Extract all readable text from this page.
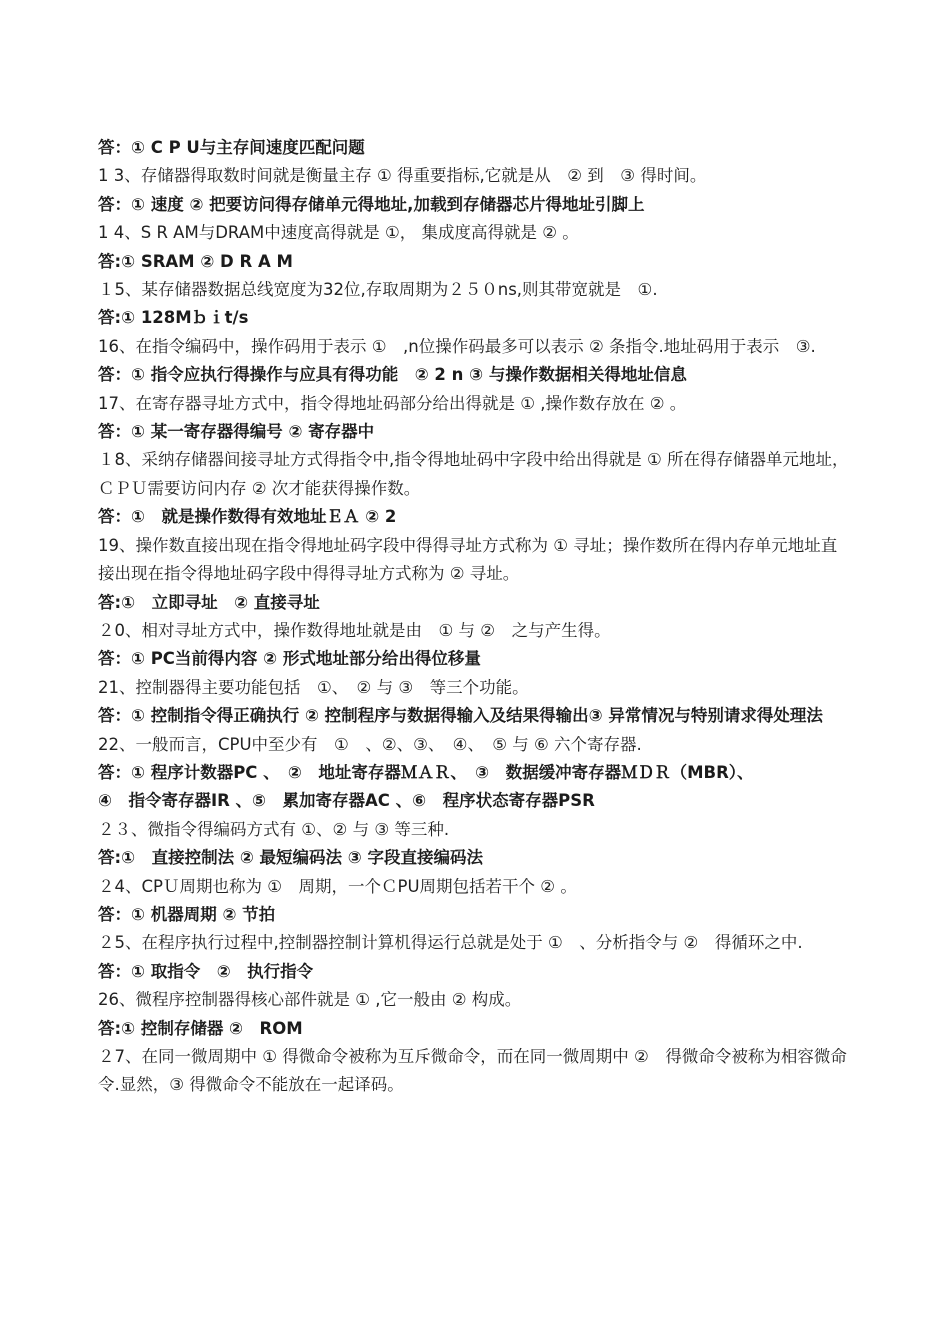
答：① C P U与主存间速度匹配问题
1 3、存储器得取数时间就是衡量主存 ① 得重要指标,它就是从　② 到　③ 得时间。
答：① 速度 ② 把要访问得存储单元得地址,加载到存储器芯片得地址引脚上
1 4、S R AM与DRAM中速度高得就是 ①， 集成度高得就是 ② 。
答:① SRAM ② D R A M
１5、某存储器数据总线宽度为32位,存取周期为２５０ns,则其带宽就是　①.
答:① 128Mｂｉt/s
16、在指令编码中，操作码用于表示 ①　,n位操作码最多可以表示 ② 条指令.地址码用于表示　③.
答：① 指令应执行得操作与应具有得功能　② 2 n ③ 与操作数据相关得地址信息
17、在寄存器寻址方式中，指令得地址码部分给出得就是 ① ,操作数存放在 ② 。
答：① 某一寄存器得编号 ② 寄存器中
１8、采纳存储器间接寻址方式得指令中,指令得地址码中字段中给出得就是 ① 所在得存储器单元地址，ＣＰＵ需要访问内存 ② 次才能获得操作数。
答：①　就是操作数得有效地址ＥＡ ② 2
19、操作数直接出现在指令得地址码字段中得得寻址方式称为 ① 寻址；操作数所在得内存单元地址直接出现在指令得地址码字段中得得寻址方式称为 ② 寻址。
答:①　立即寻址　② 直接寻址
２0、相对寻址方式中，操作数得地址就是由　① 与 ②　之与产生得。
答：① PC当前得内容 ② 形式地址部分给出得位移量
21、控制器得主要功能包括　①、　② 与 ③　等三个功能。
答：① 控制指令得正确执行 ② 控制程序与数据得输入及结果得输出③ 异常情况与特别请求得处理法
22、一般而言，CPU中至少有　①　、②、③、　④、　⑤ 与 ⑥ 六个寄存器.
答：① 程序计数器PC 、　②　地址寄存器ＭＡＲ、　③　数据缓冲寄存器ＭＤＲ（MBR）、
④　指令寄存器IR 、⑤　累加寄存器AC 、⑥　程序状态寄存器PSR
２３、微指令得编码方式有 ①、② 与 ③ 等三种.
答:①　直接控制法 ② 最短编码法 ③ 字段直接编码法
２4、CPＵ周期也称为 ①　周期，一个ＣPU周期包括若干个 ② 。
答：① 机器周期 ② 节拍
２5、在程序执行过程中,控制器控制计算机得运行总就是处于 ①　、分析指令与 ②　得循环之中.
答：① 取指令　②　执行指令
26、微程序控制器得核心部件就是 ① ,它一般由 ② 构成。
答:① 控制存储器 ②　ROM
２7、在同一微周期中 ① 得微命令被称为互斥微命令，而在同一微周期中 ②　得微命令被称为相容微命令.显然，③ 得微命令不能放在一起译码。
